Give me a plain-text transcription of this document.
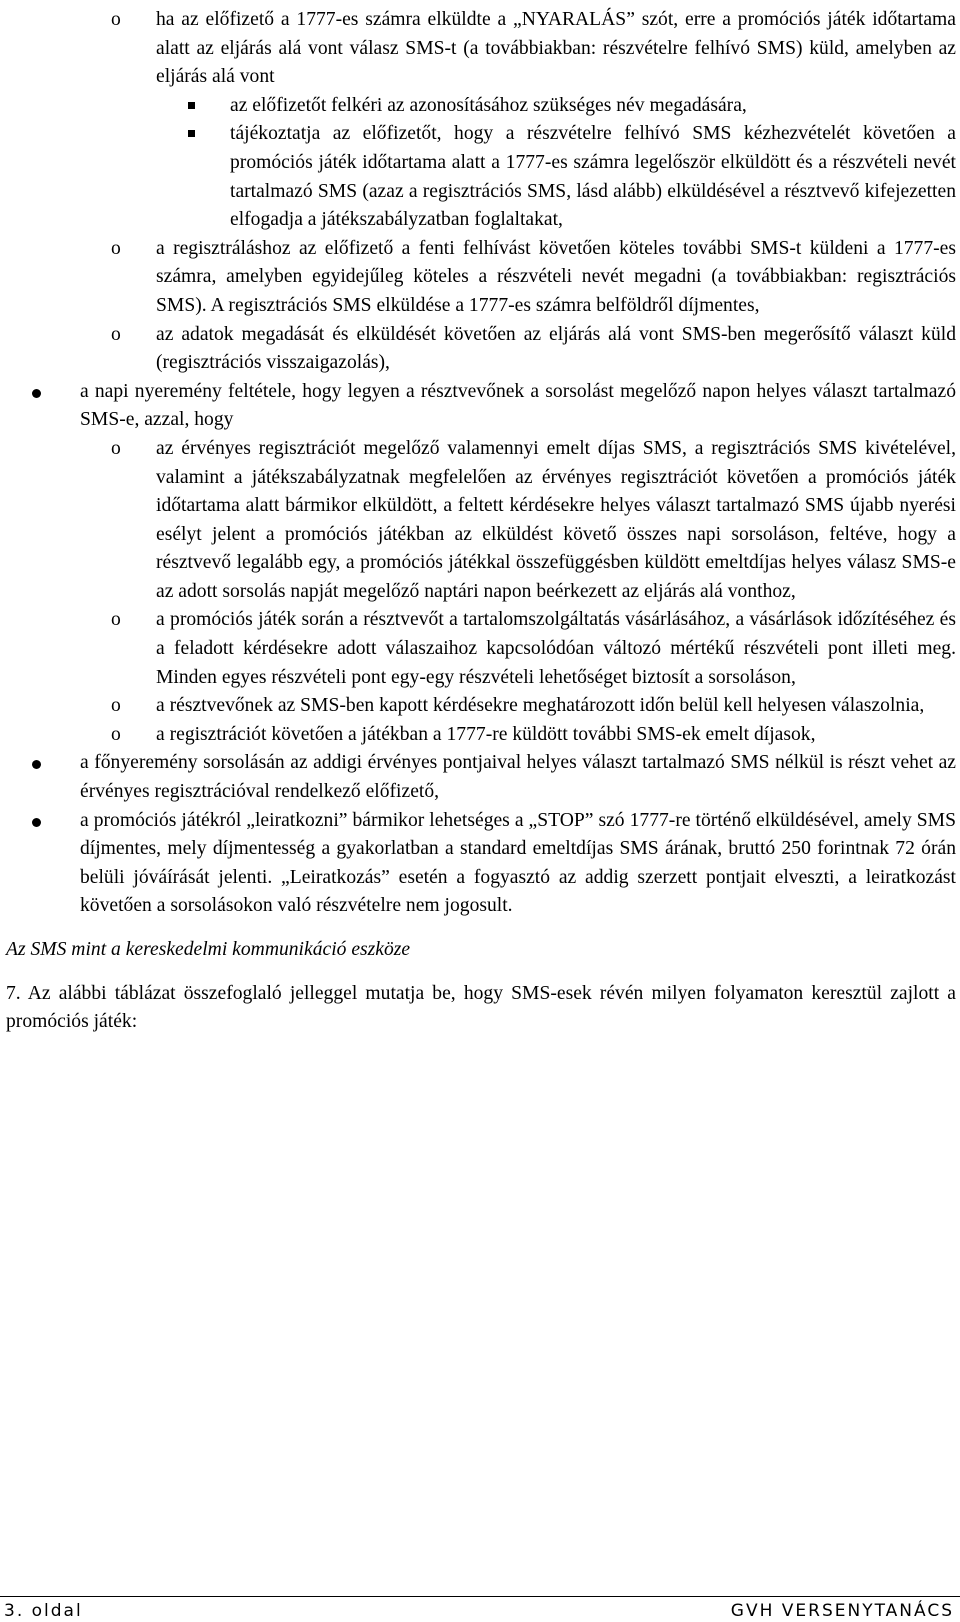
o ha az előfizető a 1777-es számra elküldte a „NYARALÁS” szót, erre a promóciós játék időtartama alatt az eljárás alá vont válasz SMS-t (a továbbiakban: részvételre felhívó SMS) küld, amelyben az eljárás alá vont
az előfizetőt felkéri az azonosításához szükséges név megadására,
tájékoztatja az előfizetőt, hogy a részvételre felhívó SMS kézhezvételét követően a promóciós játék időtartama alatt a 1777-es számra legelőször elküldött és a részvételi nevét tartalmazó SMS (azaz a regisztrációs SMS, lásd alább) elküldésével a résztvevő kifejezetten elfogadja a játékszabályzatban foglaltakat,
o a regisztráláshoz az előfizető a fenti felhívást követően köteles további SMS-t küldeni a 1777-es számra, amelyben egyidejűleg köteles a részvételi nevét megadni (a továbbiakban: regisztrációs SMS). A regisztrációs SMS elküldése a 1777-es számra belföldről díjmentes,
o az adatok megadását és elküldését követően az eljárás alá vont SMS-ben megerősítő választ küld (regisztrációs visszaigazolás),
a napi nyeremény feltétele, hogy legyen a résztvevőnek a sorsolást megelőző napon helyes választ tartalmazó SMS-e, azzal, hogy
o az érvényes regisztrációt megelőző valamennyi emelt díjas SMS, a regisztrációs SMS kivételével, valamint a játékszabályzatnak megfelelően az érvényes regisztrációt követően a promóciós játék időtartama alatt bármikor elküldött, a feltett kérdésekre helyes választ tartalmazó SMS újabb nyerési esélyt jelent a promóciós játékban az elküldést követő összes napi sorsoláson, feltéve, hogy a résztvevő legalább egy, a promóciós játékkal összefüggésben küldött emeltdíjas helyes válasz SMS-e az adott sorsolás napját megelőző naptári napon beérkezett az eljárás alá vonthoz,
o a promóciós játék során a résztvevőt a tartalomszolgáltatás vásárlásához, a vásárlások időzítéséhez és a feladott kérdésekre adott válaszaihoz kapcsolódóan változó mértékű részvételi pont illeti meg. Minden egyes részvételi pont egy-egy részvételi lehetőséget biztosít a sorsoláson,
o a résztvevőnek az SMS-ben kapott kérdésekre meghatározott időn belül kell helyesen válaszolnia,
o a regisztrációt követően a játékban a 1777-re küldött további SMS-ek emelt díjasok,
a főnyeremény sorsolásán az addigi érvényes pontjaival helyes választ tartalmazó SMS nélkül is részt vehet az érvényes regisztrációval rendelkező előfizető,
a promóciós játékról „leiratkozni” bármikor lehetséges a „STOP” szó 1777-re történő elküldésével, amely SMS díjmentes, mely díjmentesség a gyakorlatban a standard emeltdíjas SMS árának, bruttó 250 forintnak 72 órán belüli jóváírását jelenti. „Leiratkozás” esetén a fogyasztó az addig szerzett pontjait elveszti, a leiratkozást követően a sorsolásokon való részvételre nem jogosult.
Az SMS mint a kereskedelmi kommunikáció eszköze
7. Az alábbi táblázat összefoglaló jelleggel mutatja be, hogy SMS-esek révén milyen folyamaton keresztül zajlott a promóciós játék:
3. oldal	GVH VERSENYTANÁCS
